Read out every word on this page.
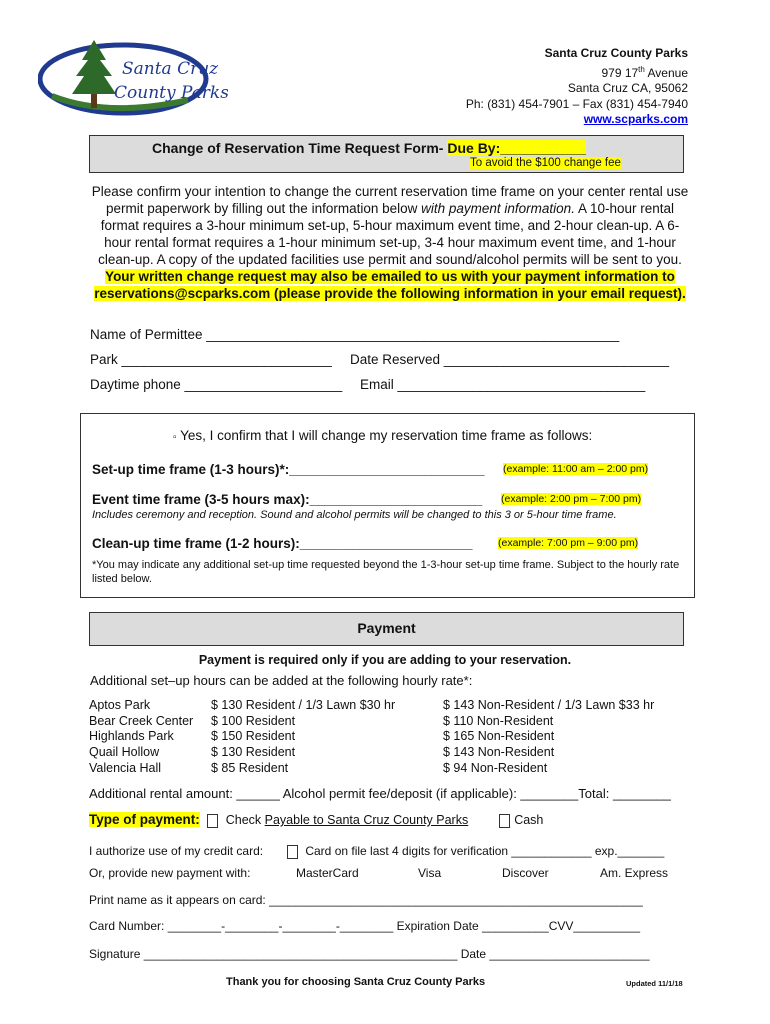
Santa Cruz
County Parks
Santa Cruz County Parks
979 17th Avenue
Santa Cruz CA, 95062
Ph: (831) 454-7901 – Fax (831) 454-7940
www.scparks.com
Change of Reservation Time Request Form- Due By:___________
To avoid the $100 change fee
Please confirm your intention to change the current reservation time frame on your center rental use permit paperwork by filling out the information below with payment information. A 10-hour rental format requires a 3-hour minimum set-up, 5-hour maximum event time, and 2-hour clean-up. A 6-hour rental format requires a 1-hour minimum set-up, 3-4 hour maximum event time, and 1-hour clean-up. A copy of the updated facilities use permit and sound/alcohol permits will be sent to you. Your written change request may also be emailed to us with your payment information to reservations@scparks.com (please provide the following information in your email request).
Name of Permittee _______________________________________________________
Park ____________________________ Date Reserved ______________________________
Daytime phone _____________________ Email _________________________________
▫ Yes, I confirm that I will change my reservation time frame as follows:
Set-up time frame (1-3 hours)*:__________________________ (example: 11:00 am – 2:00 pm)
Event time frame (3-5 hours max):_______________________ (example: 2:00 pm – 7:00 pm)
Includes ceremony and reception. Sound and alcohol permits will be changed to this 3 or 5-hour time frame.
Clean-up time frame (1-2 hours):_______________________ (example: 7:00 pm – 9:00 pm)
*You may indicate any additional set-up time requested beyond the 1-3-hour set-up time frame. Subject to the hourly rate listed below.
Payment
Payment is required only if you are adding to your reservation.
Additional set–up hours can be added at the following hourly rate*:
Aptos Park	$ 130 Resident / 1/3 Lawn $30 hr	$ 143 Non-Resident / 1/3 Lawn $33 hr
Bear Creek Center	$ 100 Resident	$ 110 Non-Resident
Highlands Park	$ 150 Resident	$ 165 Non-Resident
Quail Hollow	$ 130 Resident	$ 143 Non-Resident
Valencia Hall	$ 85 Resident	$ 94 Non-Resident
Additional rental amount: ______ Alcohol permit fee/deposit (if applicable): ________Total: ________
Type of payment: Check Payable to Santa Cruz County Parks	Cash
I authorize use of my credit card:	Card on file last 4 digits for verification ____________ exp._______
Or, provide new payment with:	MasterCard	Visa	Discover	Am. Express
Print name as it appears on card: ________________________________________________________
Card Number: ________-________-________-________ Expiration Date __________CVV__________
Signature _______________________________________________ Date ________________________
Thank you for choosing Santa Cruz County Parks	Updated 11/1/18
